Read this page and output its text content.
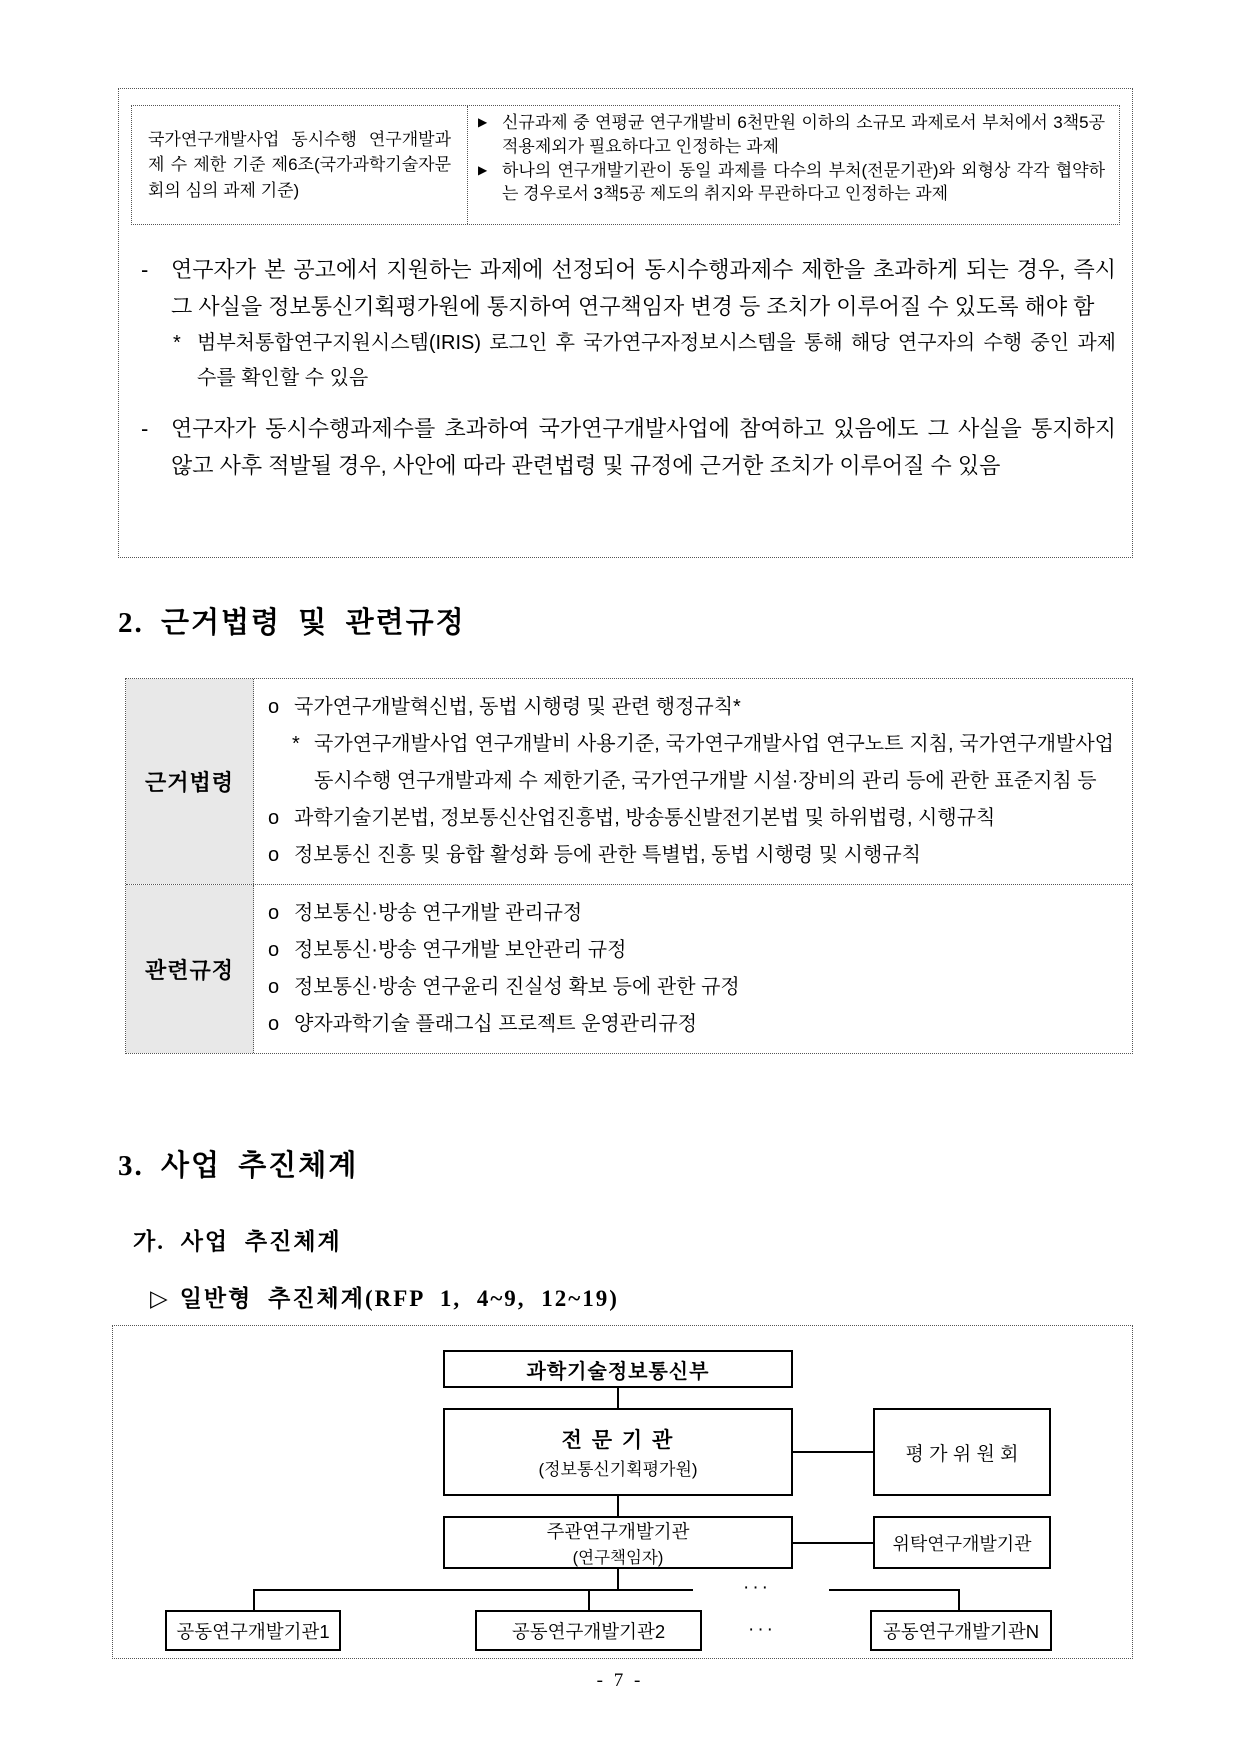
국가연구개발사업 동시수행 연구개발과제 수 제한 기준 제6조(국가과학기술자문회의 심의 과제 기준)
▶ 신규과제 중 연평균 연구개발비 6천만원 이하의 소규모 과제로서 부처에서 3책5공 적용제외가 필요하다고 인정하는 과제
▶ 하나의 연구개발기관이 동일 과제를 다수의 부처(전문기관)와 외형상 각각 협약하는 경우로서 3책5공 제도의 취지와 무관하다고 인정하는 과제
-	연구자가 본 공고에서 지원하는 과제에 선정되어 동시수행과제수 제한을 초과하게 되는 경우, 즉시 그 사실을 정보통신기획평가원에 통지하여 연구책임자 변경 등 조치가 이루어질 수 있도록 해야 함
* 범부처통합연구지원시스템(IRIS) 로그인 후 국가연구자정보시스템을 통해 해당 연구자의 수행 중인 과제 수를 확인할 수 있음
-	연구자가 동시수행과제수를 초과하여 국가연구개발사업에 참여하고 있음에도 그 사실을 통지하지 않고 사후 적발될 경우, 사안에 따라 관련법령 및 규정에 근거한 조치가 이루어질 수 있음
2. 근거법령 및 관련규정
근거법령
o 국가연구개발혁신법, 동법 시행령 및 관련 행정규칙*
* 국가연구개발사업 연구개발비 사용기준, 국가연구개발사업 연구노트 지침, 국가연구개발사업 동시수행 연구개발과제 수 제한기준, 국가연구개발 시설·장비의 관리 등에 관한 표준지침 등
o 과학기술기본법, 정보통신산업진흥법, 방송통신발전기본법 및 하위법령, 시행규칙
o 정보통신 진흥 및 융합 활성화 등에 관한 특별법, 동법 시행령 및 시행규칙
관련규정
o 정보통신·방송 연구개발 관리규정
o 정보통신·방송 연구개발 보안관리 규정
o 정보통신·방송 연구윤리 진실성 확보 등에 관한 규정
o 양자과학기술 플래그십 프로젝트 운영관리규정
3. 사업 추진체계
가. 사업 추진체계
▷ 일반형 추진체계(RFP 1, 4~9, 12~19)
과학기술정보통신부
전 문 기 관
(정보통신기획평가원)
평 가 위 원 회
주관연구개발기관
(연구책임자)
위탁연구개발기관
···
공동연구개발기관1	공동연구개발기관2	···	공동연구개발기관N
- 7 -
